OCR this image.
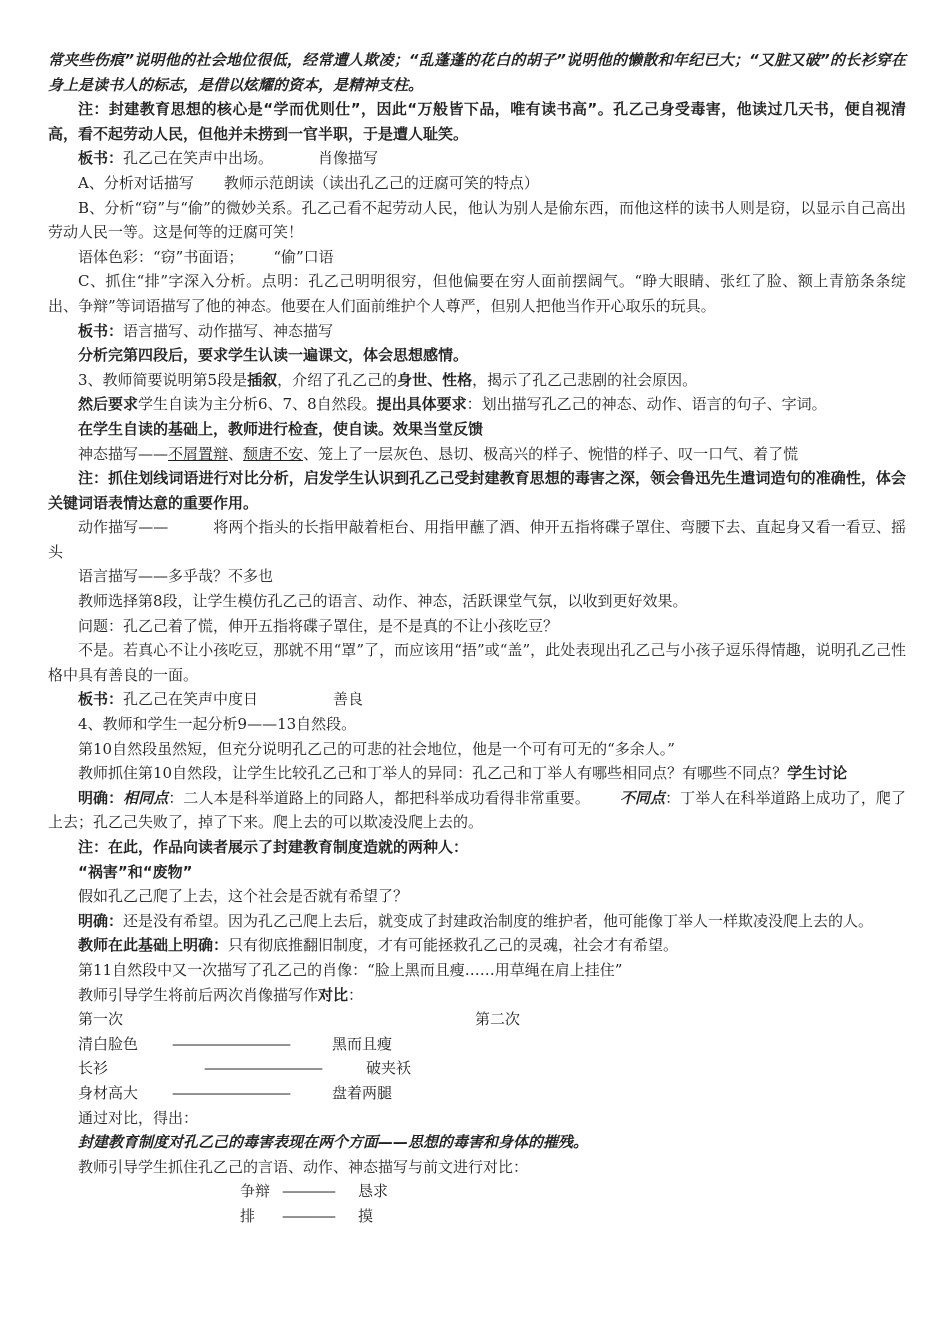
常夹些伤痕”说明他的社会地位很低，经常遭人欺凌；“乱蓬蓬的花白的胡子”说明他的懒散和年纪已大；“又脏又破”的长衫穿在身上是读书人的标志，是借以炫耀的资本，是精神支柱。

注：封建教育思想的核心是“学而优则仕”，因此“万般皆下品，唯有读书高”。孔乙己身受毒害，他读过几天书，便自视清高，看不起劳动人民，但他并未捞到一官半职，于是遭人耻笑。

板书：孔乙己在笑声中出场。	肖像描写

A、分析对话描写 教师示范朗读（读出孔乙己的迂腐可笑的特点）

B、分析“窃”与“偷”的微妙关系。孔乙己看不起劳动人民，他认为别人是偷东西，而他这样的读书人则是窃，以显示自己高出劳动人民一等。这是何等的迂腐可笑！

语体色彩：“窃”书面语； “偷”口语

C、抓住“排”字深入分析。点明：孔乙己明明很穷，但他偏要在穷人面前摆阔气。“睁大眼睛、张红了脸、额上青筋条条绽出、争辩”等词语描写了他的神态。他要在人们面前维护个人尊严，但别人把他当作开心取乐的玩具。

板书：语言描写、动作描写、神态描写

分析完第四段后，要求学生认读一遍课文，体会思想感情。

3、教师简要说明第5段是插叙，介绍了孔乙己的身世、性格，揭示了孔乙己悲剧的社会原因。

然后要求学生自读为主分析6、7、8自然段。提出具体要求：划出描写孔乙己的神态、动作、语言的句子、字词。

在学生自读的基础上，教师进行检查，使自读。效果当堂反馈

神态描写——不屑置辩、颓唐不安、笼上了一层灰色、恳切、极高兴的样子、惋惜的样子、叹一口气、着了慌

注：抓住划线词语进行对比分析，启发学生认识到孔乙己受封建教育思想的毒害之深，领会鲁迅先生遣词造句的准确性，体会关键词语表情达意的重要作用。

动作描写——	将两个指头的长指甲敲着柜台、用指甲蘸了酒、伸开五指将碟子罩住、弯腰下去、直起身又看一看豆、摇头

语言描写——多乎哉？不多也

教师选择第8段，让学生模仿孔乙己的语言、动作、神态，活跃课堂气氛，以收到更好效果。

问题：孔乙己着了慌，伸开五指将碟子罩住，是不是真的不让小孩吃豆？

不是。若真心不让小孩吃豆，那就不用“罩”了，而应该用“捂”或“盖”，此处表现出孔乙己与小孩子逗乐得情趣，说明孔乙己性格中具有善良的一面。

板书：孔乙己在笑声中度日	善良

4、教师和学生一起分析9——13自然段。

第10自然段虽然短，但充分说明孔乙己的可悲的社会地位，他是一个可有可无的“多余人。”

教师抓住第10自然段，让学生比较孔乙己和丁举人的异同：孔乙己和丁举人有哪些相同点？有哪些不同点？学生讨论

明确：相同点：二人本是科举道路上的同路人，都把科举成功看得非常重要。 不同点：丁举人在科举道路上成功了，爬了上去；孔乙己失败了，掉了下来。爬上去的可以欺凌没爬上去的。

注：在此，作品向读者展示了封建教育制度造就的两种人：

“祸害”和“废物”

假如孔乙己爬了上去，这个社会是否就有希望了？

明确：还是没有希望。因为孔乙己爬上去后，就变成了封建政治制度的维护者，他可能像丁举人一样欺凌没爬上去的人。

教师在此基础上明确：只有彻底推翻旧制度，才有可能拯救孔乙己的灵魂，社会才有希望。

第11自然段中又一次描写了孔乙己的肖像：“脸上黑而且瘦……用草绳在肩上挂住”

教师引导学生将前后两次肖像描写作对比：

第一次	第二次
清白脸色 —————————	黑而且瘦
长衫	—————————	破夹袄
身材高大 —————————	盘着两腿

通过对比，得出：

封建教育制度对孔乙己的毒害表现在两个方面——思想的毒害和身体的摧残。

教师引导学生抓住孔乙己的言语、动作、神态描写与前文进行对比：

争辩 ———— 恳求
排 ———— 摸
